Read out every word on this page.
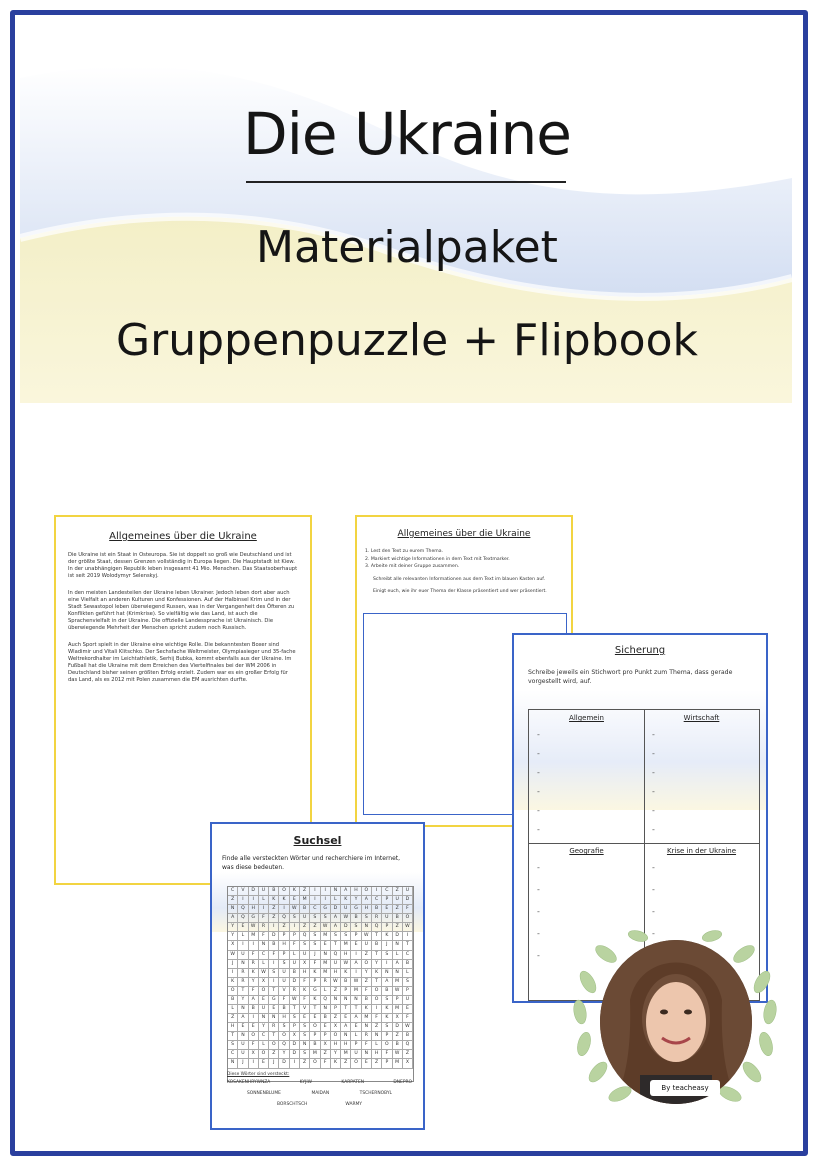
Die Ukraine
Materialpaket
Gruppenpuzzle + Flipbook
Allgemeines über die Ukraine

Die Ukraine ist ein Staat in Osteuropa. Sie ist doppelt so groß wie Deutschland und ist der größte Staat, dessen Grenzen vollständig in Europa liegen. Die Hauptstadt ist Kiew. In der unabhängigen Republik leben insgesamt 41 Mio. Menschen. Das Staatsoberhaupt ist seit 2019 Wolodymyr Selenskyj.

In den meisten Landesteilen der Ukraine leben Ukrainer. Jedoch leben dort aber auch eine Vielfalt an anderen Kulturen und Konfessionen. Auf der Halbinsel Krim und in der Stadt Sewastopol leben überwiegend Russen, was in der Vergangenheit des Öfteren zu Konflikten geführt hat (Krimkrise). So vielfältig wie das Land, ist auch die Sprachenvielfalt in der Ukraine. Die offizielle Landessprache ist Ukrainisch. Die überwiegende Mehrheit der Menschen spricht zudem noch Russisch.

Auch Sport spielt in der Ukraine eine wichtige Rolle. Die bekanntesten Boxer sind Wladimir und Vitali Klitschko. Der Sechsfache Weltmeister, Olympiasieger und 35-fache Weltrekordhalter im Leichtathletik, Serhij Bubka, kommt ebenfalls aus der Ukraine. Im Fußball hat die Ukraine mit dem Erreichen des Viertelfinales bei der WM 2006 in Deutschland bisher seinen größten Erfolg erzielt. Zudem war es ein großer Erfolg für das Land, als es 2012 mit Polen zusammen die EM ausrichten durfte.

Allgemeines über die Ukraine
1. Lest den Text zu eurem Thema.
2. Markiert wichtige Informationen in dem Text mit Textmarker.
3. Arbeite mit deiner Gruppe zusammen.
Schreibt alle relevanten Informationen aus dem Text im blauen Kasten auf.
Einigt euch, wie ihr euer Thema der Klasse präsentiert und wer präsentiert.
Sicherung
Schreibe jeweils ein Stichwort pro Punkt zum Thema, dass gerade vorgestellt wird, auf.
Allgemein	Wirtschaft
Geografie	Krise in der Ukraine
-
-
-
-
-
-
-
-
-
-
-
-
-
-
-
-
-
-
-
-
-
Suchsel
Finde alle versteckten Wörter und recherchiere im Internet, was diese bedeuten.
C	V	D	U	B	O	K	Z	I	I	N	A	H	O	I	C	Z	U
Z	I	I	L	K	K	E	M	I	I	L	K	Y	A	C	P	U	D
N	Q	H	I	Z	I	W	B	C	G	D	U	G	H	B	E	Z	F
A	Q	G	F	Z	Q	S	U	S	S	A	W	B	S	R	U	B	O
Y	E	W	R	I	Z	I	Z	Z	W	A	D	S	N	Q	P	Z	W
Y	L	M	F	D	P	P	Q	S	M	S	S	P	W	T	K	D	I
X	I	I	N	B	H	F	S	S	E	T	M	E	U	B	J	N	T
W	U	F	C	F	P	L	U	J	N	Q	H	I	Z	T	S	L	C
J	N	R	L	I	S	U	X	F	M	U	W	A	O	Y	I	A	B
I	R	K	W	S	U	B	H	K	M	H	K	I	Y	K	N	N	L
K	R	Y	X	I	U	D	F	P	R	W	B	W	Z	T	A	M	S
O	T	F	O	T	V	R	K	G	L	Z	P	M	F	O	B	W	P
B	Y	A	E	G	F	W	F	K	Q	N	N	N	B	O	S	P	U
L	N	B	U	E	B	T	V	T	N	P	T	T	K	I	K	M	E
Z	A	I	N	N	H	S	E	E	B	Z	E	A	M	F	K	X	F
H	E	E	Y	R	S	P	S	O	E	X	A	E	N	Z	S	D	W
T	N	O	C	T	O	X	S	P	P	O	N	L	R	N	P	Z	B
S	U	F	L	O	Q	D	N	B	X	H	H	P	F	L	O	B	Q
C	U	X	O	Z	Y	D	S	M	Z	Y	M	U	N	H	F	W	Z
N	J	I	E	J	D	I	Z	O	F	K	Z	O	E	Z	P	M	X
Diese Wörter sind versteckt:
KOSAKENHRYWNZA	KYJIW	KARPATEN	DNEPRO
SONNENBLUME	MAIDAN	TSCHERNOBYL
BORSCHTSCH	WARMY
By teacheasy
